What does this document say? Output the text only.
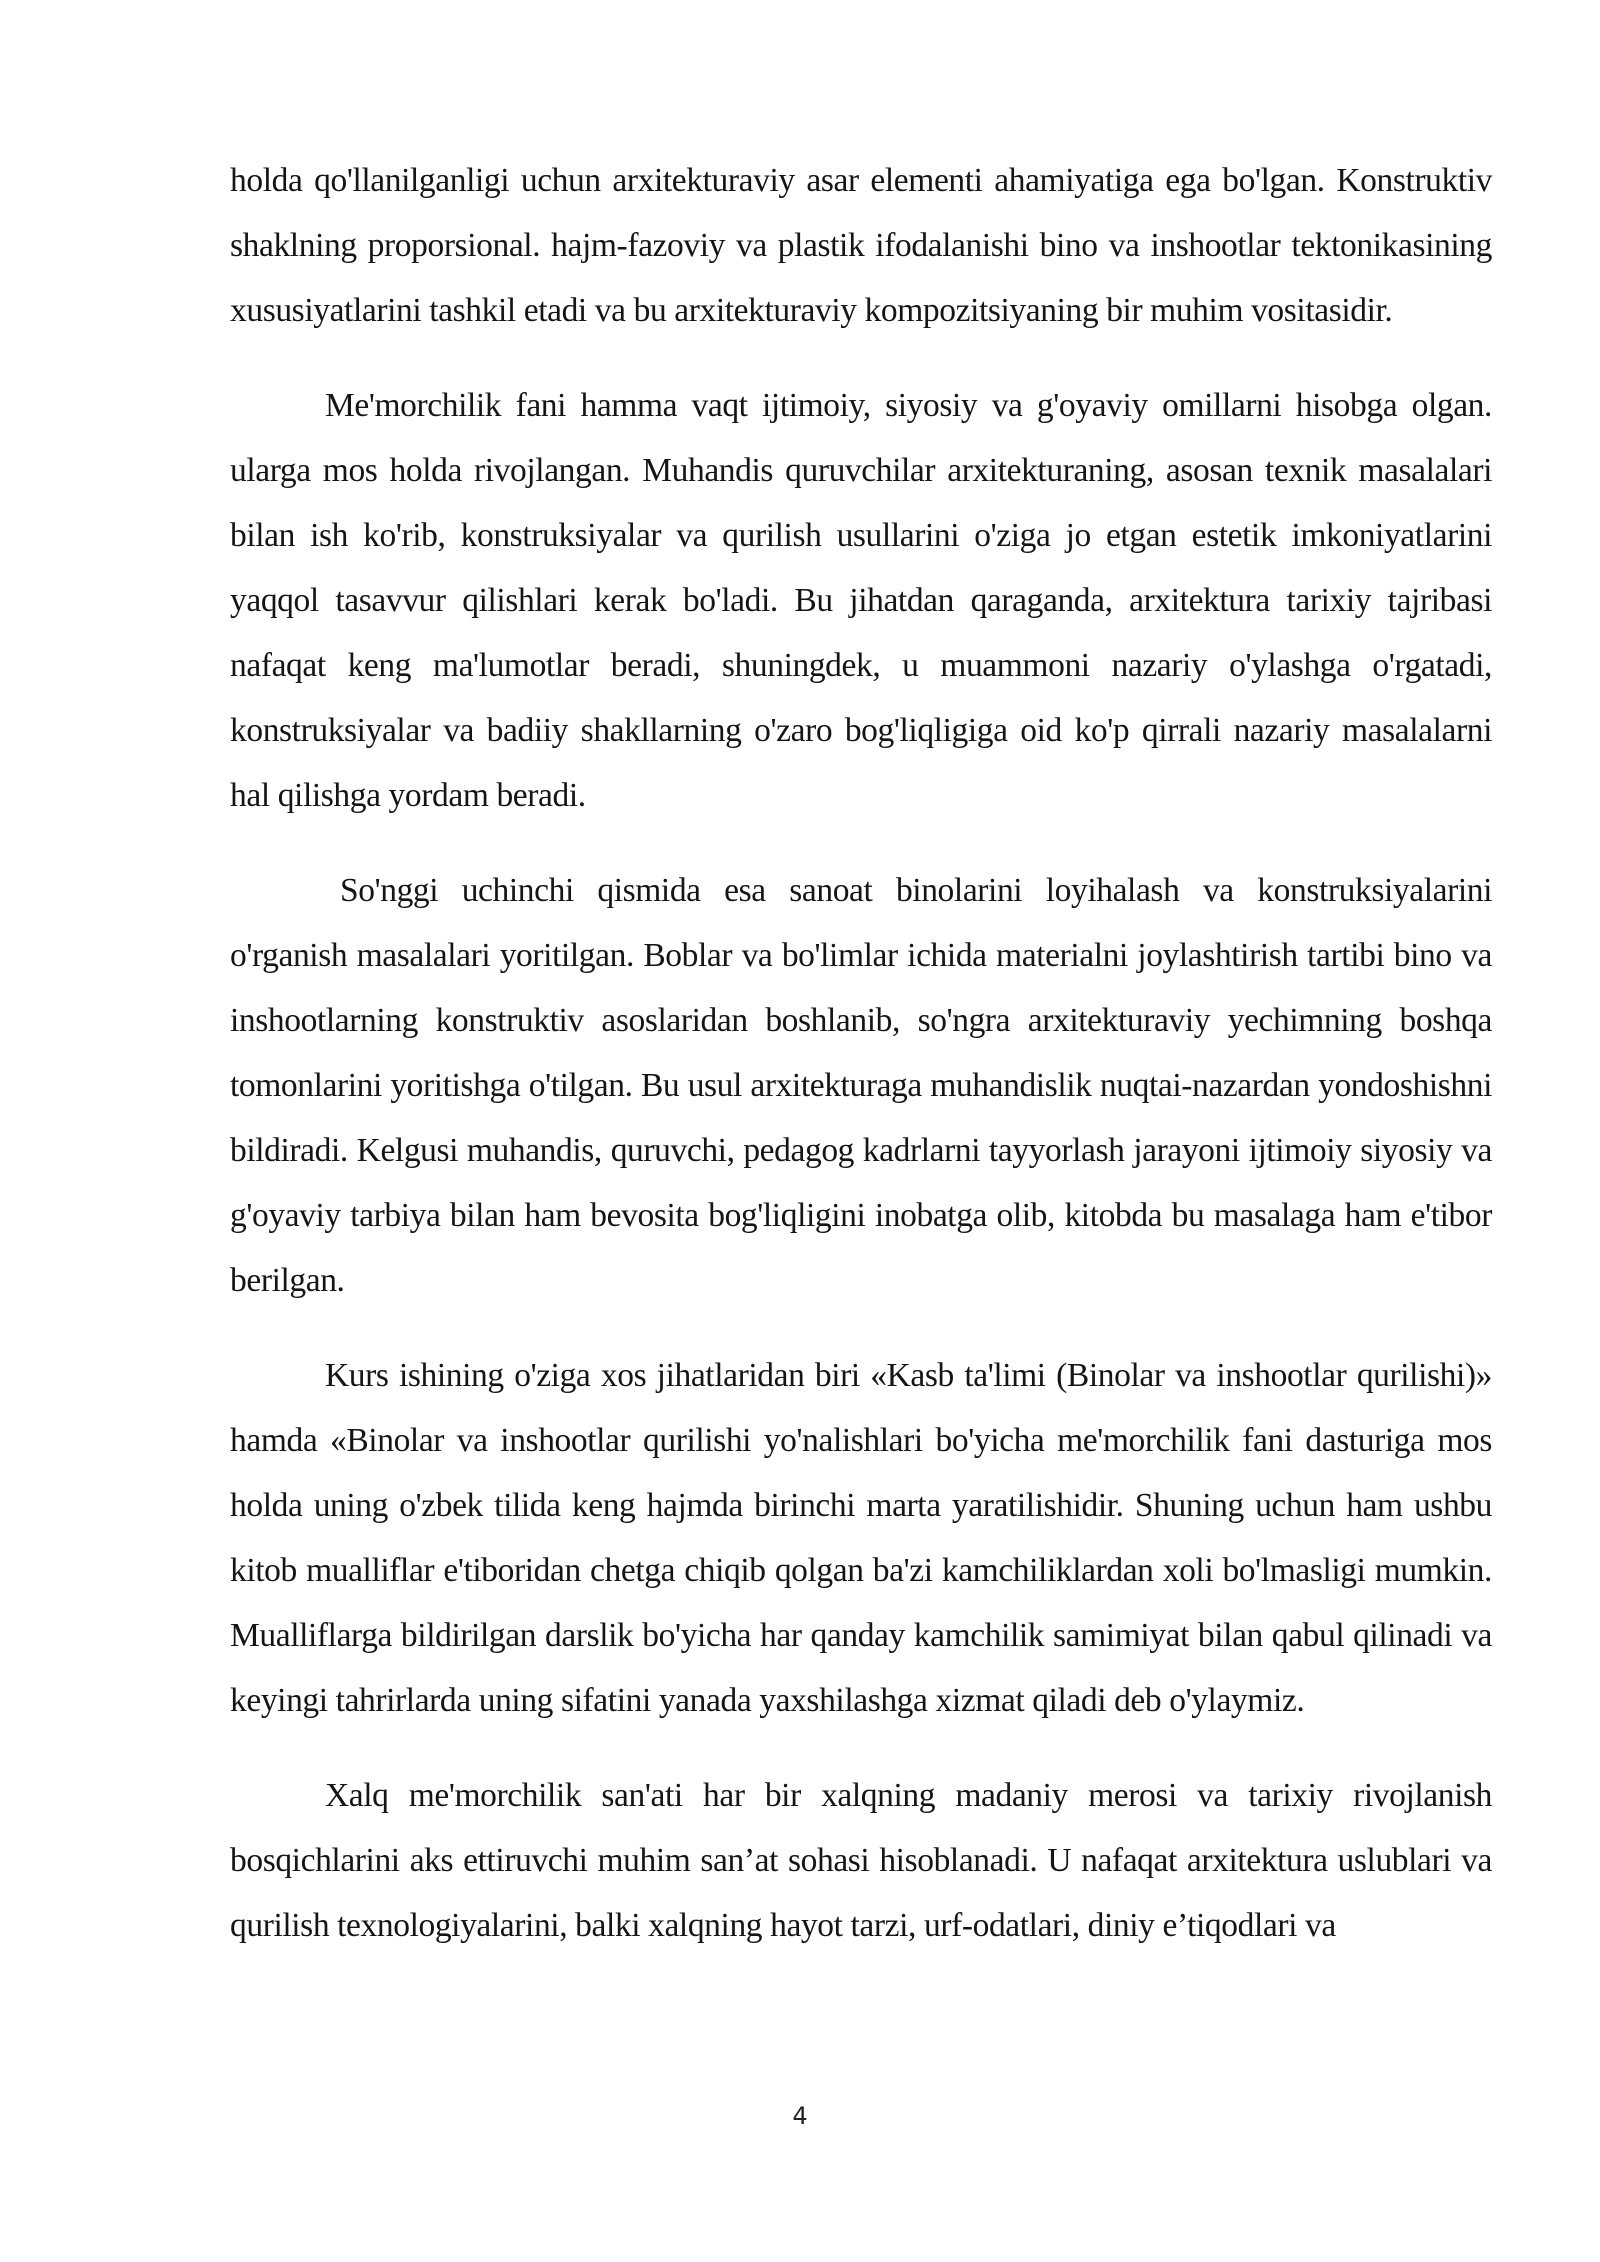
holda qo'llanilganligi uchun arxitekturaviy asar elementi ahamiyatiga ega bo'lgan. Konstruktiv shaklning proporsional. hajm-fazoviy va plastik ifodalanishi bino va inshootlar tektonikasining xususiyatlarini tashkil etadi va bu arxitekturaviy kompozitsiyaning bir muhim vositasidir.

Me'morchilik fani hamma vaqt ijtimoiy, siyosiy va g'oyaviy omillarni hisobga olgan. ularga mos holda rivojlangan. Muhandis quruvchilar arxitekturaning, asosan texnik masalalari bilan ish ko'rib, konstruksiyalar va qurilish usullarini o'ziga jo etgan estetik imkoniyatlarini yaqqol tasavvur qilishlari kerak bo'ladi. Bu jihatdan qaraganda, arxitektura tarixiy tajribasi nafaqat keng ma'lumotlar beradi, shuningdek, u muammoni nazariy o'ylashga o'rgatadi, konstruksiyalar va badiiy shakllarning o'zaro bog'liqligiga oid ko'p qirrali nazariy masalalarni hal qilishga yordam beradi.

So'nggi uchinchi qismida esa sanoat binolarini loyihalash va konstruksiyalarini o'rganish masalalari yoritilgan. Boblar va bo'limlar ichida materialni joylashtirish tartibi bino va inshootlarning konstruktiv asoslaridan boshlanib, so'ngra arxitekturaviy yechimning boshqa tomonlarini yoritishga o'tilgan. Bu usul arxitekturaga muhandislik nuqtai-nazardan yondoshishni bildiradi. Kelgusi muhandis, quruvchi, pedagog kadrlarni tayyorlash jarayoni ijtimoiy siyosiy va g'oyaviy tarbiya bilan ham bevosita bog'liqligini inobatga olib, kitobda bu masalaga ham e'tibor berilgan.

Kurs ishining o'ziga xos jihatlaridan biri «Kasb ta'limi (Binolar va inshootlar qurilishi)» hamda «Binolar va inshootlar qurilishi yo'nalishlari bo'yicha me'morchilik fani dasturiga mos holda uning o'zbek tilida keng hajmda birinchi marta yaratilishidir. Shuning uchun ham ushbu kitob mualliflar e'tiboridan chetga chiqib qolgan ba'zi kamchiliklardan xoli bo'lmasligi mumkin. Mualliflarga bildirilgan darslik bo'yicha har qanday kamchilik samimiyat bilan qabul qilinadi va keyingi tahrirlarda uning sifatini yanada yaxshilashga xizmat qiladi deb o'ylaymiz.

Xalq me'morchilik san'ati har bir xalqning madaniy merosi va tarixiy rivojlanish bosqichlarini aks ettiruvchi muhim san’at sohasi hisoblanadi. U nafaqat arxitektura uslublari va qurilish texnologiyalarini, balki xalqning hayot tarzi, urf-odatlari, diniy e’tiqodlari va

4
